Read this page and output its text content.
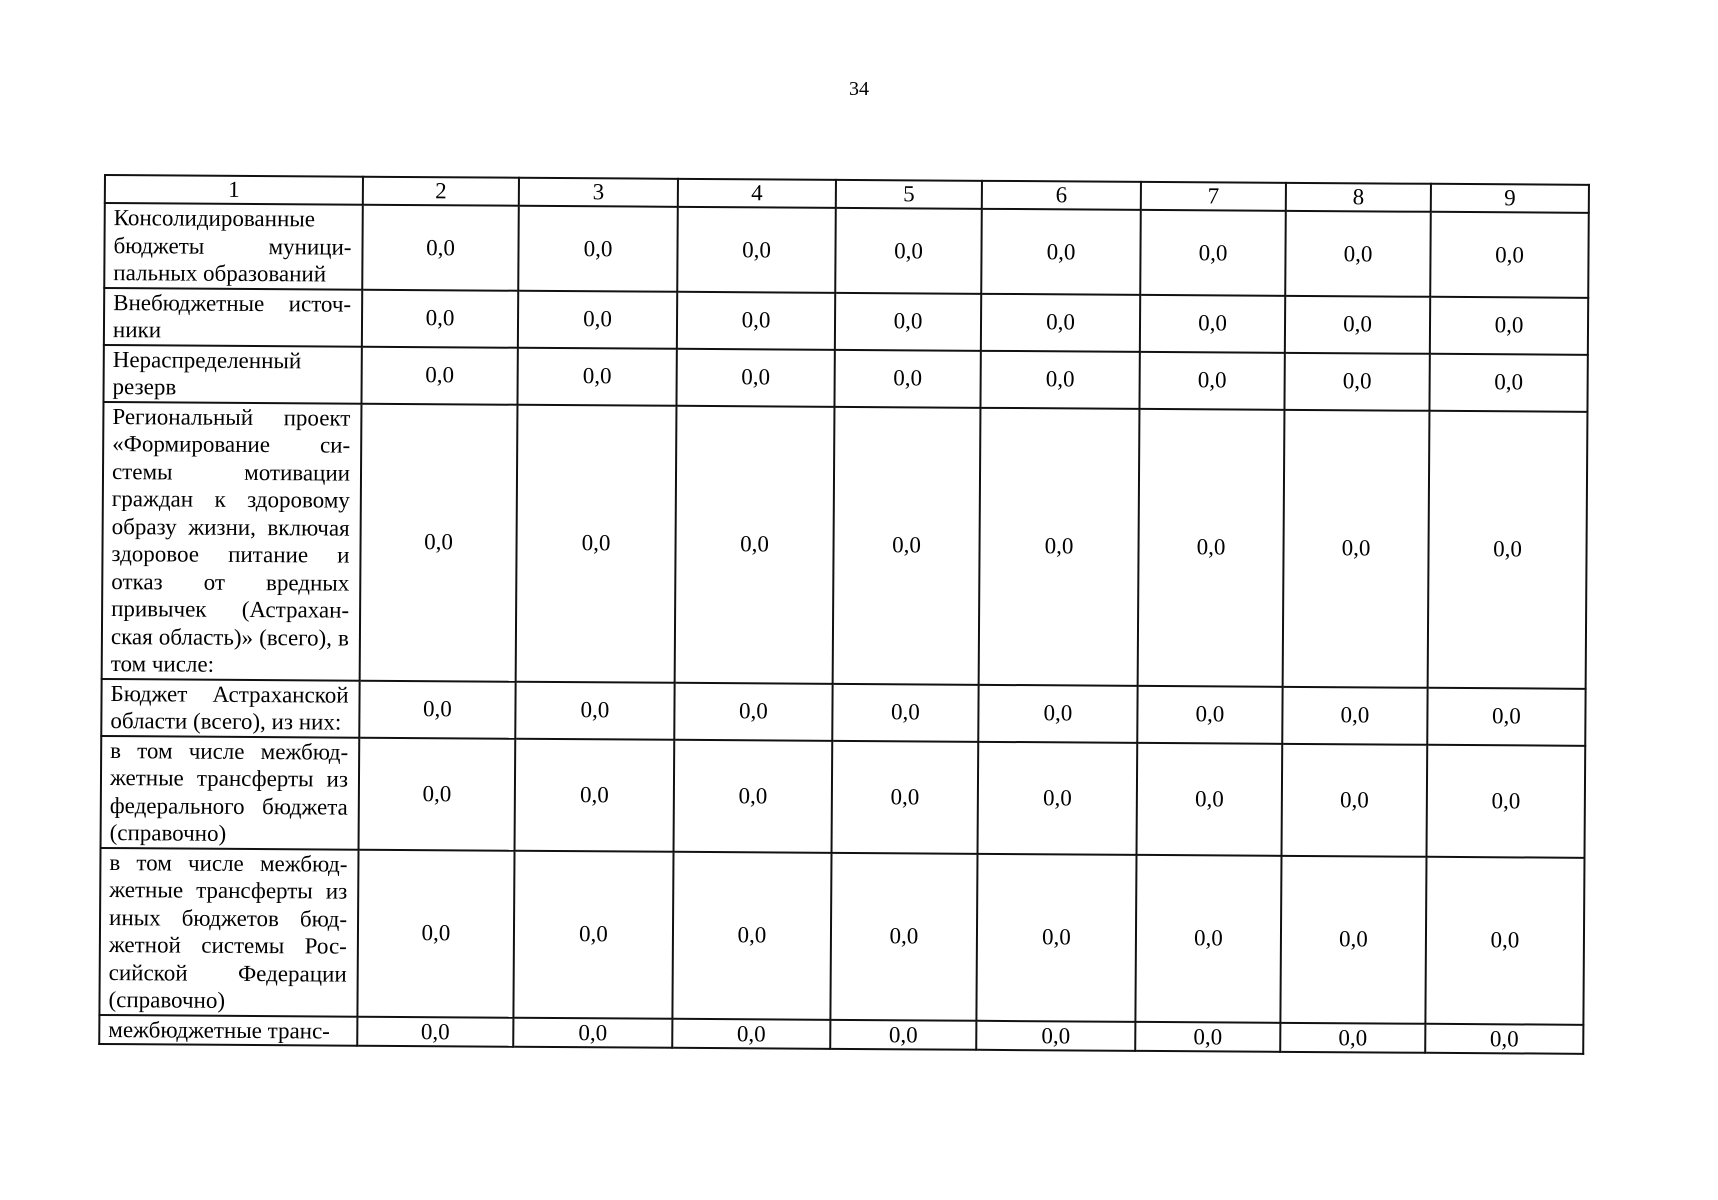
34
1	2	3	4	5	6	7	8	9
Консолидированные бюджеты муниципальных образований	0,0	0,0	0,0	0,0	0,0	0,0	0,0	0,0
Внебюджетные источники	0,0	0,0	0,0	0,0	0,0	0,0	0,0	0,0
Нераспределенный резерв	0,0	0,0	0,0	0,0	0,0	0,0	0,0	0,0
Региональный проект «Формирование системы мотивации граждан к здоровому образу жизни, включая здоровое питание и отказ от вредных привычек (Астраханская область)» (всего), в том числе:	0,0	0,0	0,0	0,0	0,0	0,0	0,0	0,0
Бюджет Астраханской области (всего), из них:	0,0	0,0	0,0	0,0	0,0	0,0	0,0	0,0
в том числе межбюджетные трансферты из федерального бюджета (справочно)	0,0	0,0	0,0	0,0	0,0	0,0	0,0	0,0
в том числе межбюджетные трансферты из иных бюджетов бюджетной системы Российской Федерации (справочно)	0,0	0,0	0,0	0,0	0,0	0,0	0,0	0,0
межбюджетные транс-	0,0	0,0	0,0	0,0	0,0	0,0	0,0	0,0
